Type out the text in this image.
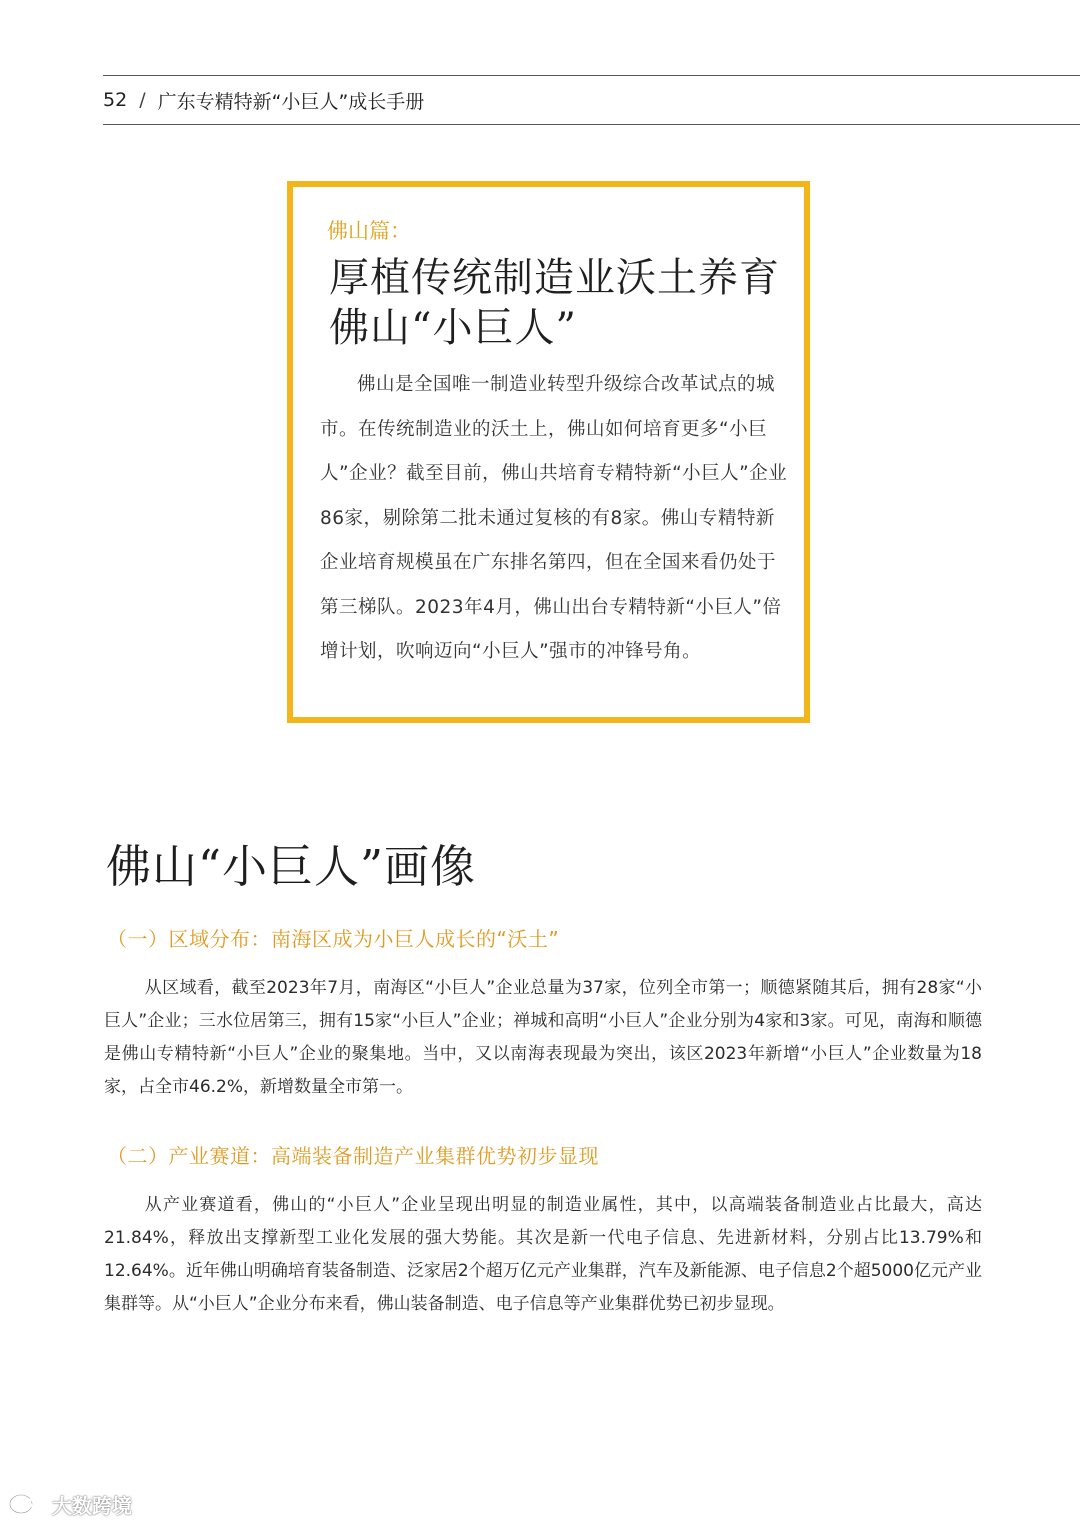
52 / 广东专精特新“小巨人”成长手册
佛山篇：
厚植传统制造业沃土养育佛山“小巨人”
佛山是全国唯一制造业转型升级综合改革试点的城市。在传统制造业的沃土上，佛山如何培育更多“小巨人”企业？截至目前，佛山共培育专精特新“小巨人”企业86家，剔除第二批未通过复核的有8家。佛山专精特新企业培育规模虽在广东排名第四，但在全国来看仍处于第三梯队。2023年4月，佛山出台专精特新“小巨人”倍增计划，吹响迈向“小巨人”强市的冲锋号角。
佛山“小巨人”画像
（一）区域分布：南海区成为小巨人成长的“沃土”
从区域看，截至2023年7月，南海区“小巨人”企业总量为37家，位列全市第一；顺德紧随其后，拥有28家“小巨人”企业；三水位居第三，拥有15家“小巨人”企业；禅城和高明“小巨人”企业分别为4家和3家。可见，南海和顺德是佛山专精特新“小巨人”企业的聚集地。当中，又以南海表现最为突出，该区2023年新增“小巨人”企业数量为18家，占全市46.2%，新增数量全市第一。
（二）产业赛道：高端装备制造产业集群优势初步显现
从产业赛道看，佛山的“小巨人”企业呈现出明显的制造业属性，其中，以高端装备制造业占比最大，高达21.84%，释放出支撑新型工业化发展的强大势能。其次是新一代电子信息、先进新材料，分别占比13.79%和12.64%。近年佛山明确培育装备制造、泛家居2个超万亿元产业集群，汽车及新能源、电子信息2个超5000亿元产业集群等。从“小巨人”企业分布来看，佛山装备制造、电子信息等产业集群优势已初步显现。
大数跨境
